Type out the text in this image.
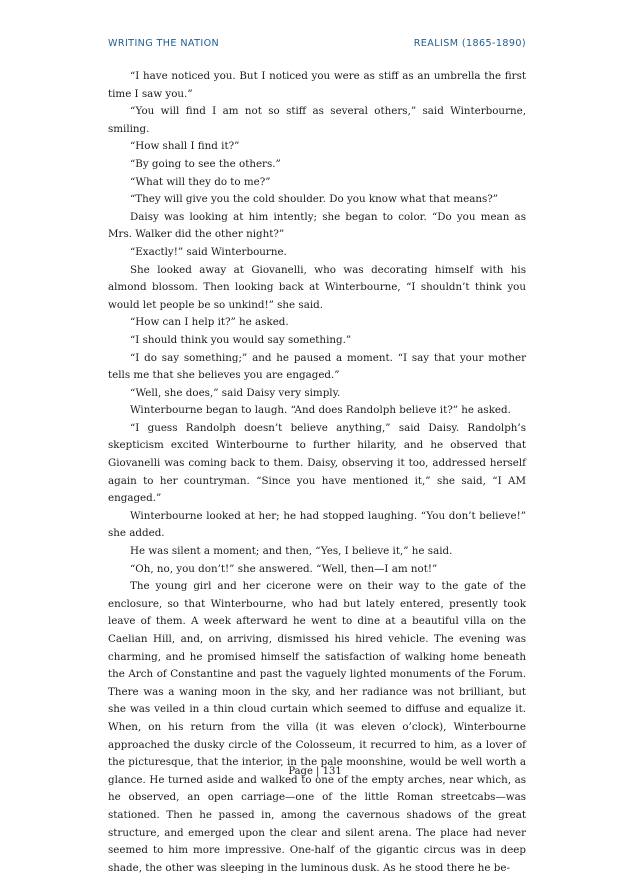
WRITING THE NATION	REALISM (1865-1890)

“I have noticed you. But I noticed you were as stiff as an umbrella the first time I saw you.”

“You will find I am not so stiff as several others,” said Winterbourne, smiling.

“How shall I find it?”

“By going to see the others.”

“What will they do to me?”

“They will give you the cold shoulder. Do you know what that means?”

Daisy was looking at him intently; she began to color. “Do you mean as Mrs. Walker did the other night?”

“Exactly!” said Winterbourne.

She looked away at Giovanelli, who was decorating himself with his almond blossom. Then looking back at Winterbourne, “I shouldn’t think you would let people be so unkind!” she said.

“How can I help it?” he asked.

“I should think you would say something.”

“I do say something;” and he paused a moment. “I say that your mother tells me that she believes you are engaged.”

“Well, she does,” said Daisy very simply.

Winterbourne began to laugh. “And does Randolph believe it?” he asked.

“I guess Randolph doesn’t believe anything,” said Daisy. Randolph’s skepticism excited Winterbourne to further hilarity, and he observed that Giovanelli was coming back to them. Daisy, observing it too, addressed herself again to her countryman. “Since you have mentioned it,” she said, “I AM engaged.”

Winterbourne looked at her; he had stopped laughing. “You don’t believe!” she added.

He was silent a moment; and then, “Yes, I believe it,” he said.

“Oh, no, you don’t!” she answered. “Well, then—I am not!”

The young girl and her cicerone were on their way to the gate of the enclosure, so that Winterbourne, who had but lately entered, presently took leave of them. A week afterward he went to dine at a beautiful villa on the Caelian Hill, and, on arriving, dismissed his hired vehicle. The evening was charming, and he promised himself the satisfaction of walking home beneath the Arch of Constantine and past the vaguely lighted monuments of the Forum. There was a waning moon in the sky, and her radiance was not brilliant, but she was veiled in a thin cloud curtain which seemed to diffuse and equalize it. When, on his return from the villa (it was eleven o’clock), Winterbourne approached the dusky circle of the Colosseum, it recurred to him, as a lover of the picturesque, that the interior, in the pale moonshine, would be well worth a glance. He turned aside and walked to one of the empty arches, near which, as he observed, an open carriage—one of the little Roman streetcabs—was stationed. Then he passed in, among the cavernous shadows of the great structure, and emerged upon the clear and silent arena. The place had never seemed to him more impressive. One-half of the gigantic circus was in deep shade, the other was sleeping in the luminous dusk. As he stood there he be-

Page | 131
